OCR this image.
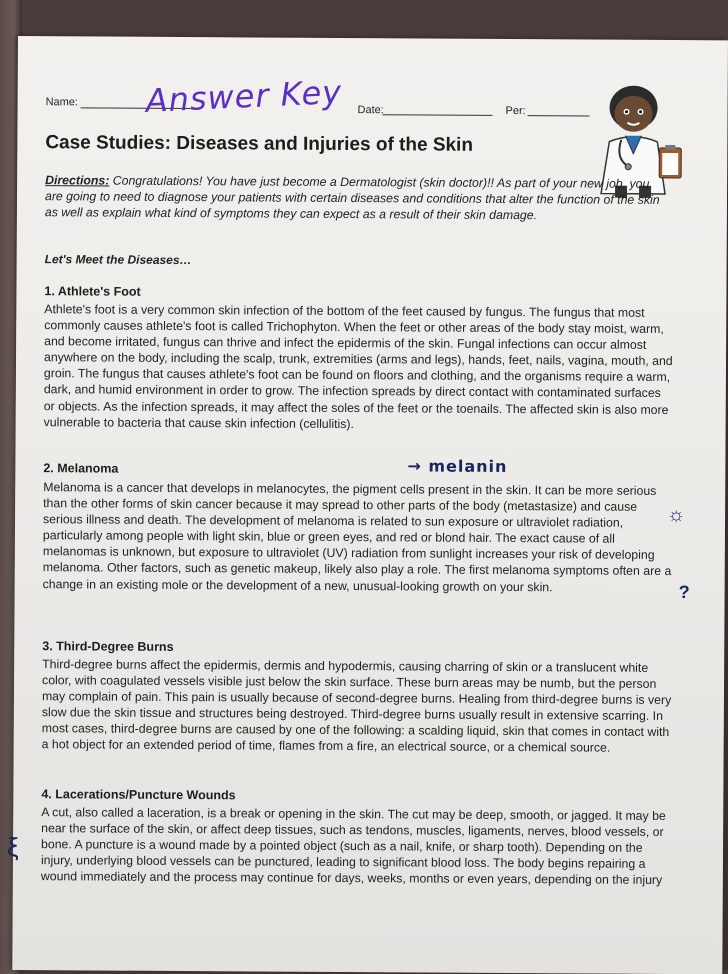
Name:	Answer Key Date:	Per:
Case Studies: Diseases and Injuries of the Skin
Directions: Congratulations! You have just become a Dermatologist (skin doctor)!! As part of your new job, you are going to need to diagnose your patients with certain diseases and conditions that alter the function of the skin as well as explain what kind of symptoms they can expect as a result of their skin damage.
Let's Meet the Diseases…
1. Athlete's Foot
Athlete's foot is a very common skin infection of the bottom of the feet caused by fungus. The fungus that most commonly causes athlete's foot is called Trichophyton. When the feet or other areas of the body stay moist, warm, and become irritated, fungus can thrive and infect the epidermis of the skin. Fungal infections can occur almost anywhere on the body, including the scalp, trunk, extremities (arms and legs), hands, feet, nails, vagina, mouth, and groin. The fungus that causes athlete's foot can be found on floors and clothing, and the organisms require a warm, dark, and humid environment in order to grow. The infection spreads by direct contact with contaminated surfaces or objects. As the infection spreads, it may affect the soles of the feet or the toenails. The affected skin is also more vulnerable to bacteria that cause skin infection (cellulitis).
2. Melanoma	→ melanin
Melanoma is a cancer that develops in melanocytes, the pigment cells present in the skin. It can be more serious than the other forms of skin cancer because it may spread to other parts of the body (metastasize) and cause serious illness and death. The development of melanoma is related to sun exposure or ultraviolet radiation, particularly among people with light skin, blue or green eyes, and red or blond hair. The exact cause of all melanomas is unknown, but exposure to ultraviolet (UV) radiation from sunlight increases your risk of developing melanoma. Other factors, such as genetic makeup, likely also play a role. The first melanoma symptoms often are a change in an existing mole or the development of a new, unusual-looking growth on your skin.
☼
?
3. Third-Degree Burns
Third-degree burns affect the epidermis, dermis and hypodermis, causing charring of skin or a translucent white color, with coagulated vessels visible just below the skin surface. These burn areas may be numb, but the person may complain of pain. This pain is usually because of second-degree burns. Healing from third-degree burns is very slow due the skin tissue and structures being destroyed. Third-degree burns usually result in extensive scarring. In most cases, third-degree burns are caused by one of the following: a scalding liquid, skin that comes in contact with a hot object for an extended period of time, flames from a fire, an electrical source, or a chemical source.
4. Lacerations/Puncture Wounds
A cut, also called a laceration, is a break or opening in the skin. The cut may be deep, smooth, or jagged. It may be near the surface of the skin, or affect deep tissues, such as tendons, muscles, ligaments, nerves, blood vessels, or bone. A puncture is a wound made by a pointed object (such as a nail, knife, or sharp tooth). Depending on the injury, underlying blood vessels can be punctured, leading to significant blood loss. The body begins repairing a wound immediately and the process may continue for days, weeks, months or even years, depending on the injury
ξ
